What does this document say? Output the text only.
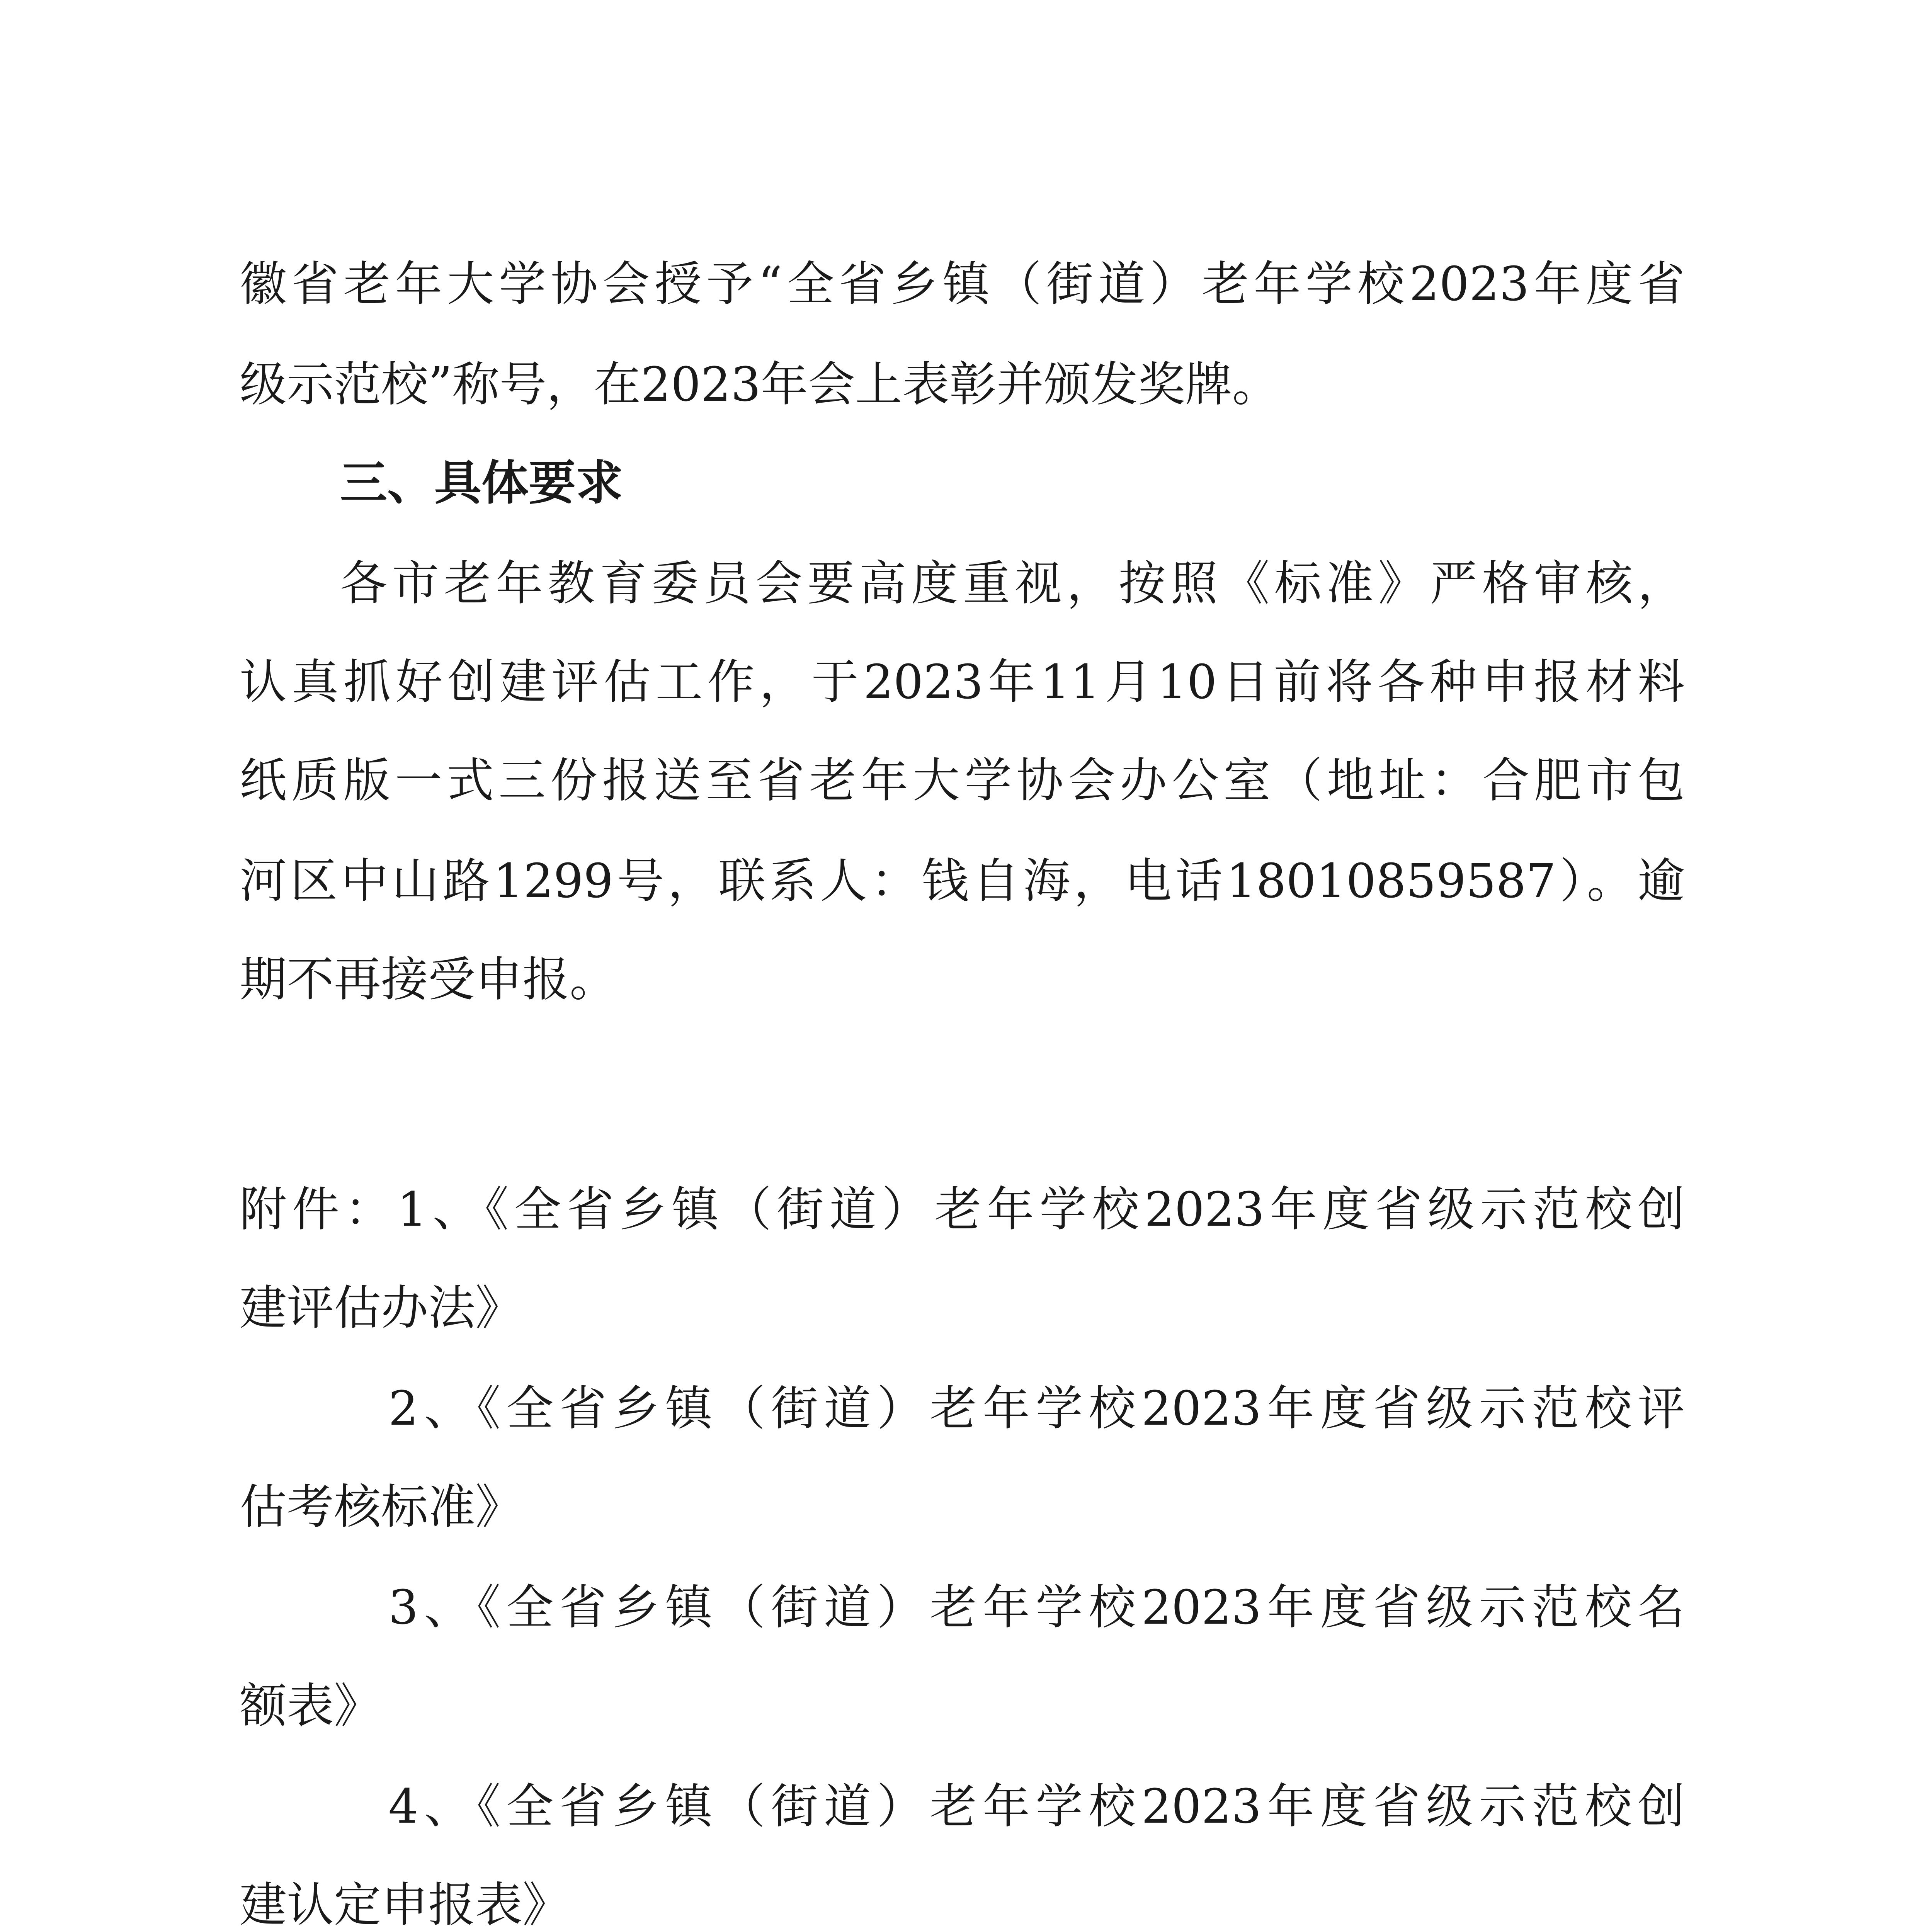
徽省老年大学协会授予“全省乡镇（街道）老年学校2023年度省
级示范校”称号，在2023年会上表彰并颁发奖牌。
三、具体要求
各市老年教育委员会要高度重视，按照《标准》严格审核，
认真抓好创建评估工作，于2023年11月10日前将各种申报材料
纸质版一式三份报送至省老年大学协会办公室（地址：合肥市包
河区中山路1299号，联系人：钱自海，电话18010859587）。逾
期不再接受申报。
附件：1、《全省乡镇（街道）老年学校2023年度省级示范校创
建评估办法》
2、《全省乡镇（街道）老年学校2023年度省级示范校评
估考核标准》
3、《全省乡镇（街道）老年学校2023年度省级示范校名
额表》
4、《全省乡镇（街道）老年学校2023年度省级示范校创
建认定申报表》
